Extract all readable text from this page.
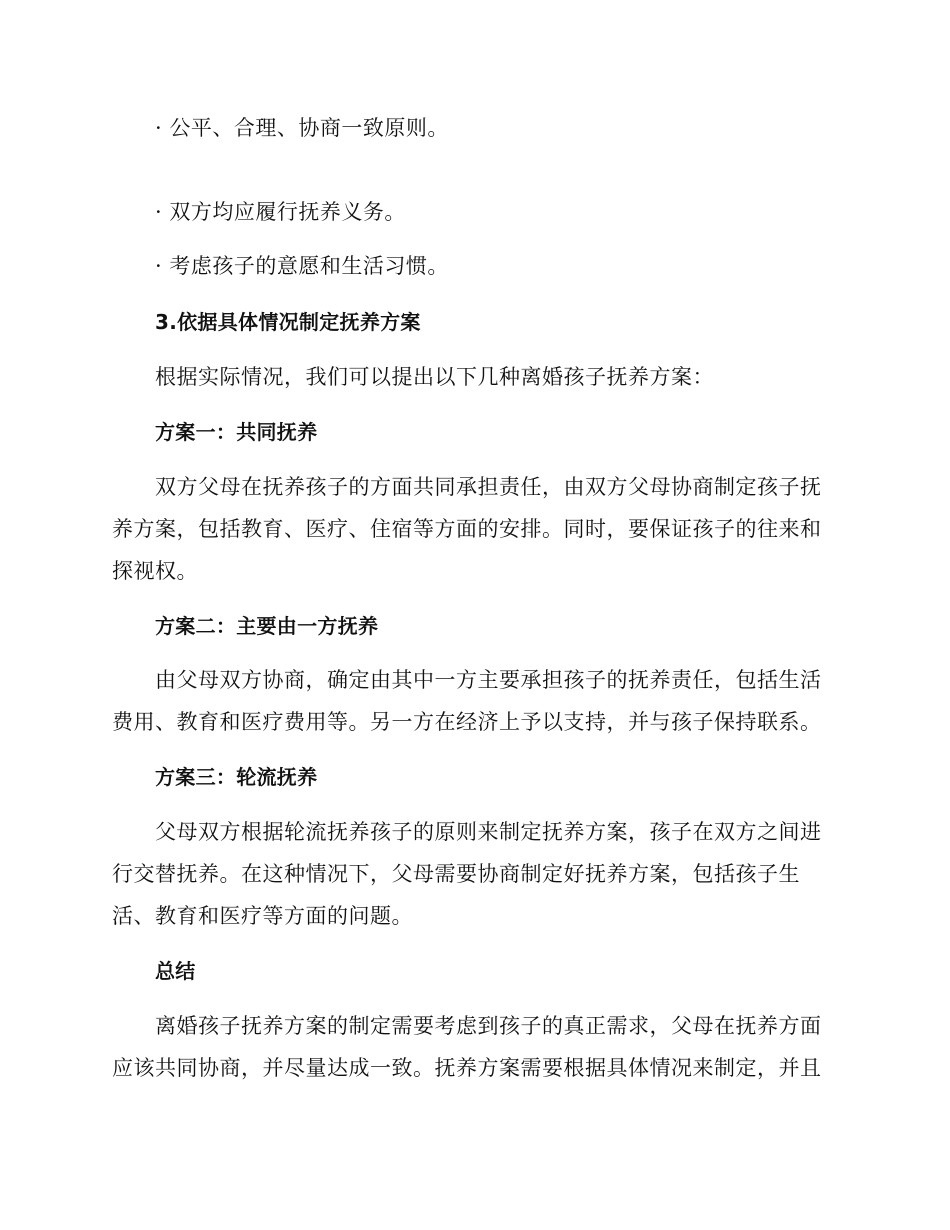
· 公平、合理、协商一致原则。
· 双方均应履行抚养义务。
· 考虑孩子的意愿和生活习惯。
3.依据具体情况制定抚养方案
根据实际情况，我们可以提出以下几种离婚孩子抚养方案：
方案一：共同抚养
双方父母在抚养孩子的方面共同承担责任，由双方父母协商制定孩子抚
养方案，包括教育、医疗、住宿等方面的安排。同时，要保证孩子的往来和
探视权。
方案二：主要由一方抚养
由父母双方协商，确定由其中一方主要承担孩子的抚养责任，包括生活
费用、教育和医疗费用等。另一方在经济上予以支持，并与孩子保持联系。
方案三：轮流抚养
父母双方根据轮流抚养孩子的原则来制定抚养方案，孩子在双方之间进
行交替抚养。在这种情况下，父母需要协商制定好抚养方案，包括孩子生
活、教育和医疗等方面的问题。
总结
离婚孩子抚养方案的制定需要考虑到孩子的真正需求，父母在抚养方面
应该共同协商，并尽量达成一致。抚养方案需要根据具体情况来制定，并且
